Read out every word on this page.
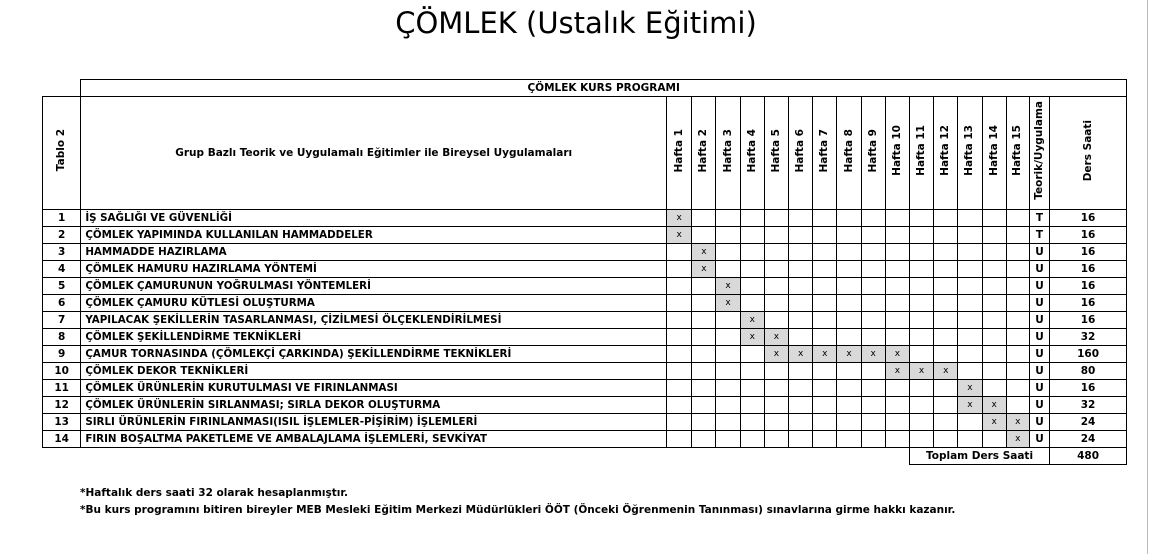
ÇÖMLEK (Ustalık Eğitimi)
	ÇÖMLEK KURS PROGRAMI																	
Tablo 2	Grup Bazlı Teorik ve Uygulamalı Eğitimler ile Bireysel Uygulamaları	Hafta 1	Hafta 2	Hafta 3	Hafta 4	Hafta 5	Hafta 6	Hafta 7	Hafta 8	Hafta 9	Hafta 10	Hafta 11	Hafta 12	Hafta 13	Hafta 14	Hafta 15	Teorik/Uygulama	Ders Saati
1	İŞ SAĞLIĞI VE GÜVENLİĞİ	x															T	16
2	ÇÖMLEK YAPIMINDA KULLANILAN HAMMADDELER	x															T	16
3	HAMMADDE HAZIRLAMA		x														U	16
4	ÇÖMLEK HAMURU HAZIRLAMA YÖNTEMİ		x														U	16
5	ÇÖMLEK ÇAMURUNUN YOĞRULMASI YÖNTEMLERİ			x													U	16
6	ÇÖMLEK ÇAMURU KÜTLESİ OLUŞTURMA			x													U	16
7	YAPILACAK ŞEKİLLERİN TASARLANMASI, ÇİZİLMESİ ÖLÇEKLENDİRİLMESİ				x												U	16
8	ÇÖMLEK ŞEKİLLENDİRME TEKNİKLERİ				x	x											U	32
9	ÇAMUR TORNASINDA (ÇÖMLEKÇİ ÇARKINDA) ŞEKİLLENDİRME TEKNİKLERİ					x	x	x	x	x	x						U	160
10	ÇÖMLEK DEKOR TEKNİKLERİ										x	x	x				U	80
11	ÇÖMLEK ÜRÜNLERİN KURUTULMASI VE FIRINLANMASI													x			U	16
12	ÇÖMLEK ÜRÜNLERİN SIRLANMASI; SIRLA DEKOR OLUŞTURMA													x	x		U	32
13	SIRLI ÜRÜNLERİN FIRINLANMASI(ISIL İŞLEMLER-PİŞİRİM) İŞLEMLERİ														x	x	U	24
14	FIRIN BOŞALTMA PAKETLEME VE AMBALAJLAMA İŞLEMLERİ, SEVKİYAT															x	U	24
												Toplam Ders Saati						480
*Haftalık ders saati 32 olarak hesaplanmıştır.
*Bu kurs programını bitiren bireyler MEB Mesleki Eğitim Merkezi Müdürlükleri ÖÖT (Önceki Öğrenmenin Tanınması) sınavlarına girme hakkı kazanır.
